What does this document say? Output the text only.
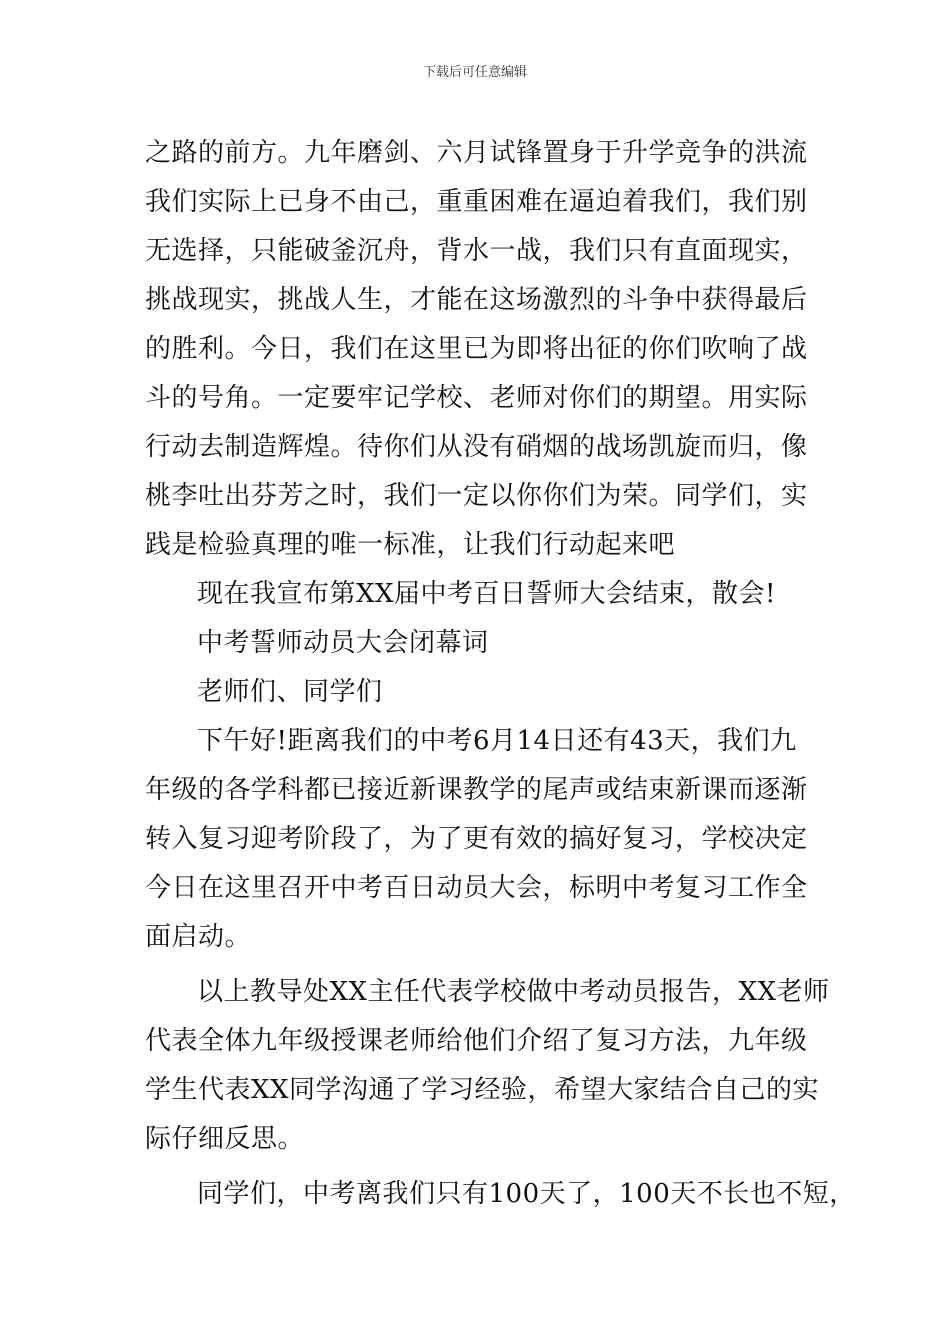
下载后可任意编辑
之路的前方。九年磨剑、六月试锋置身于升学竞争的洪流
我们实际上已身不由己，重重困难在逼迫着我们，我们别
无选择，只能破釜沉舟，背水一战，我们只有直面现实，
挑战现实，挑战人生，才能在这场激烈的斗争中获得最后
的胜利。今日，我们在这里已为即将出征的你们吹响了战
斗的号角。一定要牢记学校、老师对你们的期望。用实际
行动去制造辉煌。待你们从没有硝烟的战场凯旋而归，像
桃李吐出芬芳之时，我们一定以你你们为荣。同学们，实
践是检验真理的唯一标准，让我们行动起来吧
现在我宣布第XX届中考百日誓师大会结束，散会!
中考誓师动员大会闭幕词
老师们、同学们
下午好!距离我们的中考6月14日还有43天，我们九
年级的各学科都已接近新课教学的尾声或结束新课而逐渐
转入复习迎考阶段了，为了更有效的搞好复习，学校决定
今日在这里召开中考百日动员大会，标明中考复习工作全
面启动。
以上教导处XX主任代表学校做中考动员报告，XX老师
代表全体九年级授课老师给他们介绍了复习方法，九年级
学生代表XX同学沟通了学习经验，希望大家结合自己的实
际仔细反思。
同学们，中考离我们只有100天了，100天不长也不短，
